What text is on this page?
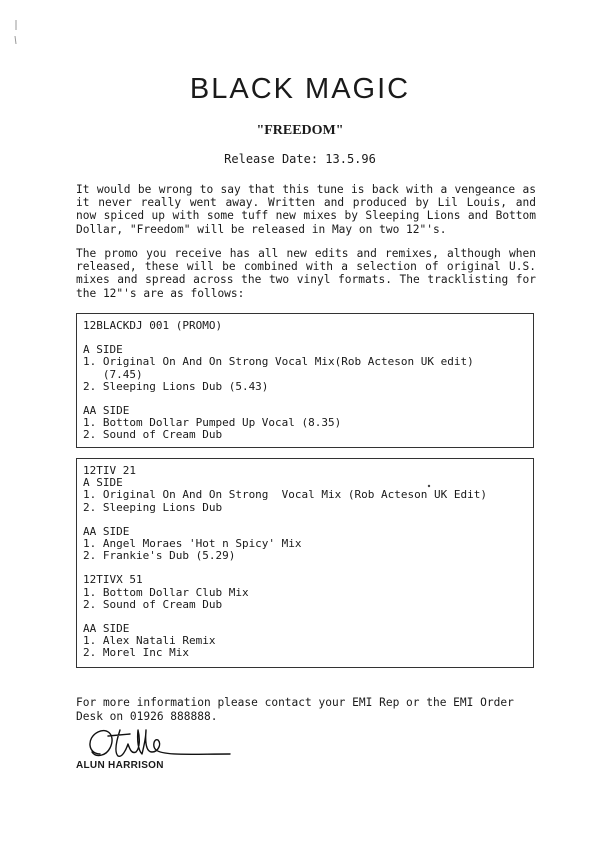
BLACK MAGIC
"FREEDOM"
Release Date: 13.5.96
It would be wrong to say that this tune is back with a vengeance as it never really went away. Written and produced by Lil Louis, and now spiced up with some tuff new mixes by Sleeping Lions and Bottom Dollar, "Freedom" will be released in May on two 12"'s.
The promo you receive has all new edits and remixes, although when released, these will be combined with a selection of original U.S. mixes and spread across the two vinyl formats. The tracklisting for the 12"'s are as follows:
12BLACKDJ 001 (PROMO)
A SIDE
1. Original On And On Strong Vocal Mix(Rob Acteson UK edit)
(7.45)
2. Sleeping Lions Dub (5.43)
AA SIDE
1. Bottom Dollar Pumped Up Vocal (8.35)
2. Sound of Cream Dub
12TIV 21
A SIDE
1. Original On And On Strong  Vocal Mix (Rob Acteson UK Edit)
2. Sleeping Lions Dub
AA SIDE
1. Angel Moraes 'Hot n Spicy' Mix
2. Frankie's Dub (5.29)
12TIVX 51
1. Bottom Dollar Club Mix
2. Sound of Cream Dub
AA SIDE
1. Alex Natali Remix
2. Morel Inc Mix
For more information please contact your EMI Rep or the EMI Order Desk on 01926 888888.
ALUN HARRISON
